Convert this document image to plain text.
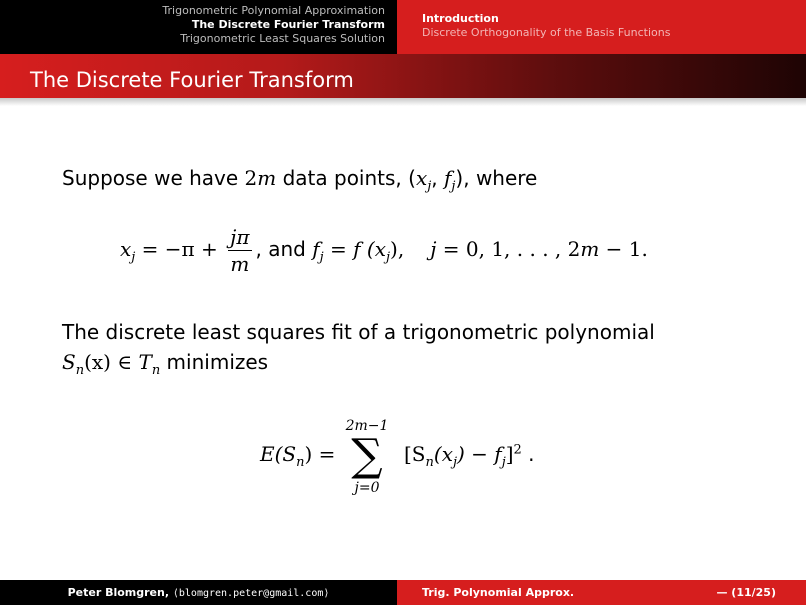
Trigonometric Polynomial Approximation
The Discrete Fourier Transform
Trigonometric Least Squares Solution
Introduction
Discrete Orthogonality of the Basis Functions
The Discrete Fourier Transform
Suppose we have 2m data points, ($x_j$, $f_j$), where
$x_j = -\pi + \frac{j\pi}{m}$ , and $f_j = f$ $(x_j)$, j = 0, 1, . . . , 2m − 1.
The discrete least squares fit of a trigonometric polynomial
$S_n(x)$ ∈ $T_n$ minimizes
$E(S_n)$ =
2m−1
∑
j=0
$[S_n(x_j) - f_j]^2$ .
Peter Blomgren, ⟨blomgren.peter@gmail.com⟩	Trig. Polynomial Approx.	— (11/25)
